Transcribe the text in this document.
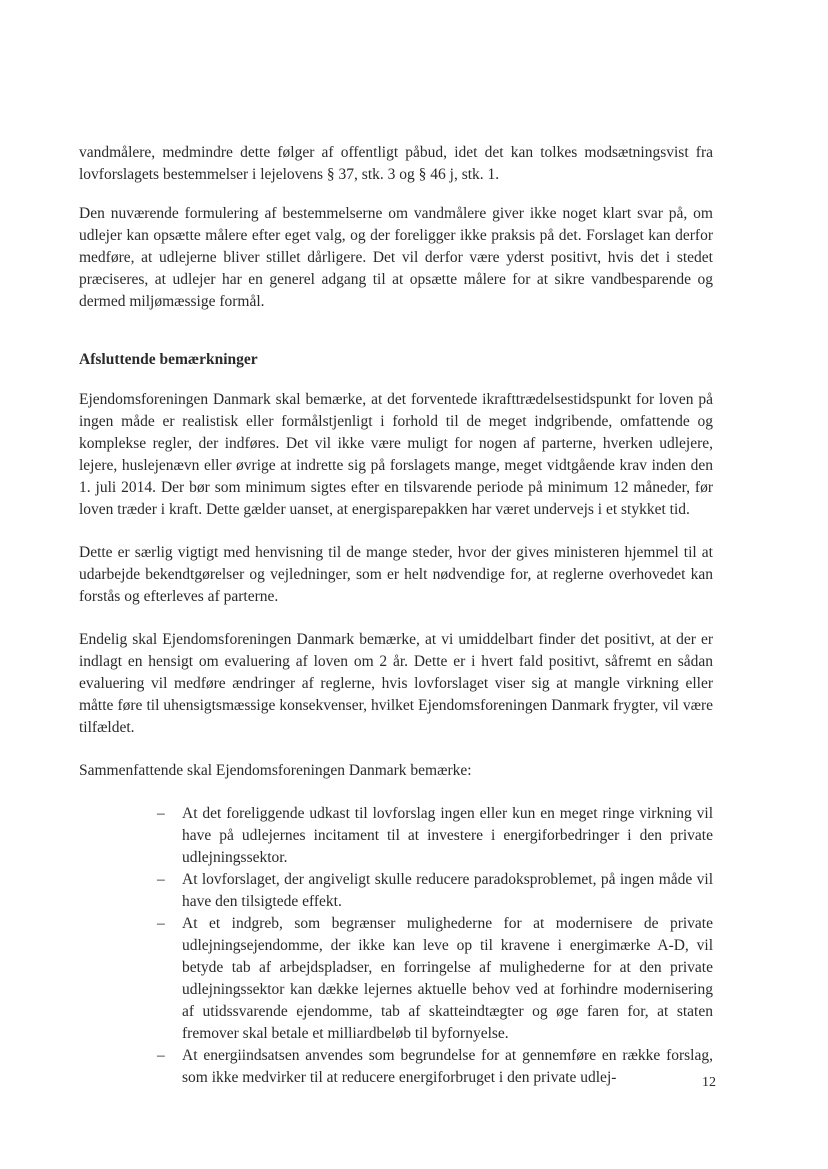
vandmålere, medmindre dette følger af offentligt påbud, idet det kan tolkes modsætningsvist fra lovforslagets bestemmelser i lejelovens § 37, stk. 3 og § 46 j, stk. 1.

Den nuværende formulering af bestemmelserne om vandmålere giver ikke noget klart svar på, om udlejer kan opsætte målere efter eget valg, og der foreligger ikke praksis på det. Forslaget kan derfor medføre, at udlejerne bliver stillet dårligere. Det vil derfor være yderst positivt, hvis det i stedet præciseres, at udlejer har en generel adgang til at opsætte målere for at sikre vandbesparende og dermed miljømæssige formål.

Afsluttende bemærkninger

Ejendomsforeningen Danmark skal bemærke, at det forventede ikrafttrædelsestidspunkt for loven på ingen måde er realistisk eller formålstjenligt i forhold til de meget indgribende, omfattende og komplekse regler, der indføres. Det vil ikke være muligt for nogen af parterne, hverken udlejere, lejere, huslejenævn eller øvrige at indrette sig på forslagets mange, meget vidtgående krav inden den 1. juli 2014. Der bør som minimum sigtes efter en tilsvarende periode på minimum 12 måneder, før loven træder i kraft. Dette gælder uanset, at energisparepakken har været undervejs i et stykket tid.

Dette er særlig vigtigt med henvisning til de mange steder, hvor der gives ministeren hjemmel til at udarbejde bekendtgørelser og vejledninger, som er helt nødvendige for, at reglerne overhovedet kan forstås og efterleves af parterne.

Endelig skal Ejendomsforeningen Danmark bemærke, at vi umiddelbart finder det positivt, at der er indlagt en hensigt om evaluering af loven om 2 år. Dette er i hvert fald positivt, såfremt en sådan evaluering vil medføre ændringer af reglerne, hvis lovforslaget viser sig at mangle virkning eller måtte føre til uhensigtsmæssige konsekvenser, hvilket Ejendomsforeningen Danmark frygter, vil være tilfældet.

Sammenfattende skal Ejendomsforeningen Danmark bemærke:

– At det foreliggende udkast til lovforslag ingen eller kun en meget ringe virkning vil have på udlejernes incitament til at investere i energiforbedringer i den private udlejningssektor.
– At lovforslaget, der angiveligt skulle reducere paradoksproblemet, på ingen måde vil have den tilsigtede effekt.
– At et indgreb, som begrænser mulighederne for at modernisere de private udlejningsejendomme, der ikke kan leve op til kravene i energimærke A-D, vil betyde tab af arbejdspladser, en forringelse af mulighederne for at den private udlejningssektor kan dække lejernes aktuelle behov ved at forhindre modernisering af utidssvarende ejendomme, tab af skatteindtægter og øge faren for, at staten fremover skal betale et milliardbeløb til byfornyelse.
– At energiindsatsen anvendes som begrundelse for at gennemføre en række forslag, som ikke medvirker til at reducere energiforbruget i den private udlej-	12
